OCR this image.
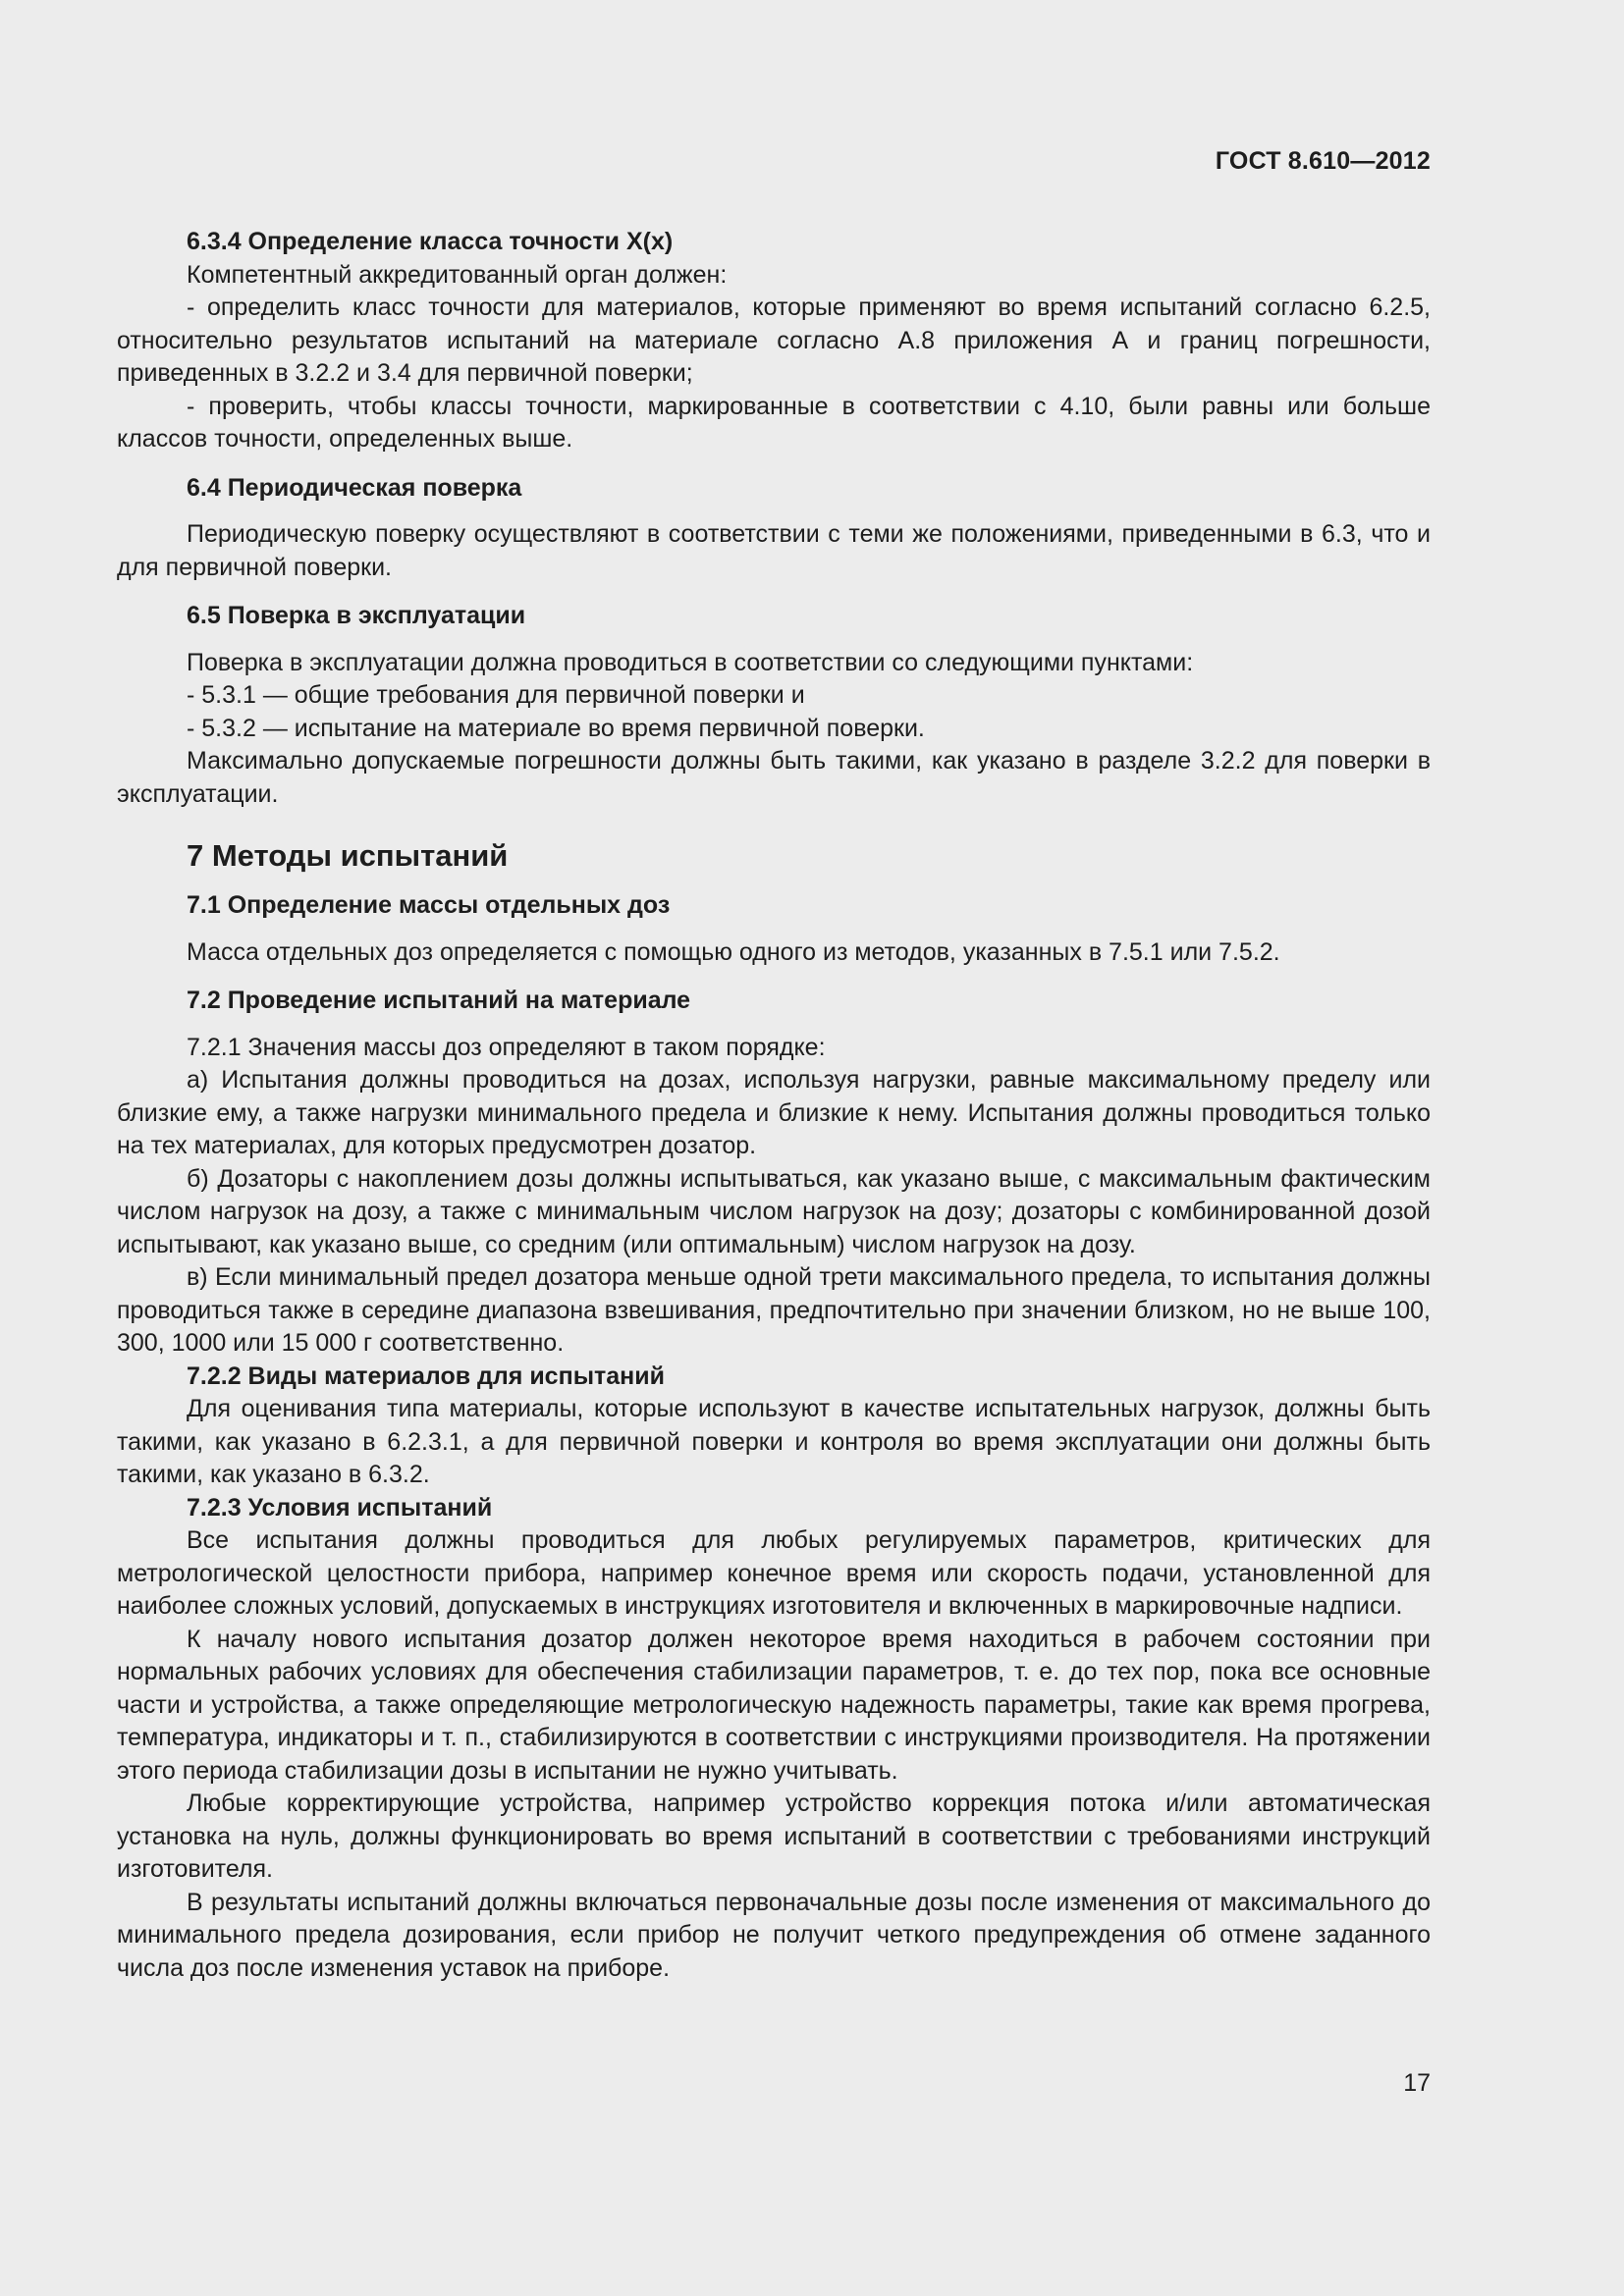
ГОСТ 8.610—2012
6.3.4 Определение класса точности X(x)

Компетентный аккредитованный орган должен:

- определить класс точности для материалов, которые применяют во время испытаний согласно 6.2.5, относительно результатов испытаний на материале согласно А.8 приложения А и границ погрешности, приведенных в 3.2.2 и 3.4 для первичной поверки;

- проверить, чтобы классы точности, маркированные в соответствии с 4.10, были равны или больше классов точности, определенных выше.

6.4 Периодическая поверка

Периодическую поверку осуществляют в соответствии с теми же положениями, приведенными в 6.3, что и для первичной поверки.

6.5 Поверка в эксплуатации

Поверка в эксплуатации должна проводиться в соответствии со следующими пунктами:

- 5.3.1 — общие требования для первичной поверки и

- 5.3.2 — испытание на материале во время первичной поверки.

Максимально допускаемые погрешности должны быть такими, как указано в разделе 3.2.2 для поверки в эксплуатации.

7 Методы испытаний
7.1 Определение массы отдельных доз

Масса отдельных доз определяется с помощью одного из методов, указанных в 7.5.1 или 7.5.2.

7.2 Проведение испытаний на материале

7.2.1 Значения массы доз определяют в таком порядке:

а) Испытания должны проводиться на дозах, используя нагрузки, равные максимальному пределу или близкие ему, а также нагрузки минимального предела и близкие к нему. Испытания должны проводиться только на тех материалах, для которых предусмотрен дозатор.

б) Дозаторы с накоплением дозы должны испытываться, как указано выше, с максимальным фактическим числом нагрузок на дозу, а также с минимальным числом нагрузок на дозу; дозаторы с комбинированной дозой испытывают, как указано выше, со средним (или оптимальным) числом нагрузок на дозу.

в) Если минимальный предел дозатора меньше одной трети максимального предела, то испытания должны проводиться также в середине диапазона взвешивания, предпочтительно при значении близком, но не выше 100, 300, 1000 или 15 000 г соответственно.

7.2.2 Виды материалов для испытаний

Для оценивания типа материалы, которые используют в качестве испытательных нагрузок, должны быть такими, как указано в 6.2.3.1, а для первичной поверки и контроля во время эксплуатации они должны быть такими, как указано в 6.3.2.

7.2.3 Условия испытаний

Все испытания должны проводиться для любых регулируемых параметров, критических для метрологической целостности прибора, например конечное время или скорость подачи, установленной для наиболее сложных условий, допускаемых в инструкциях изготовителя и включенных в маркировочные надписи.

К началу нового испытания дозатор должен некоторое время находиться в рабочем состоянии при нормальных рабочих условиях для обеспечения стабилизации параметров, т. е. до тех пор, пока все основные части и устройства, а также определяющие метрологическую надежность параметры, такие как время прогрева, температура, индикаторы и т. п., стабилизируются в соответствии с инструкциями производителя. На протяжении этого периода стабилизации дозы в испытании не нужно учитывать.

Любые корректирующие устройства, например устройство коррекция потока и/или автоматическая установка на нуль, должны функционировать во время испытаний в соответствии с требованиями инструкций изготовителя.

В результаты испытаний должны включаться первоначальные дозы после изменения от максимального до минимального предела дозирования, если прибор не получит четкого предупреждения об отмене заданного числа доз после изменения уставок на приборе.

17
